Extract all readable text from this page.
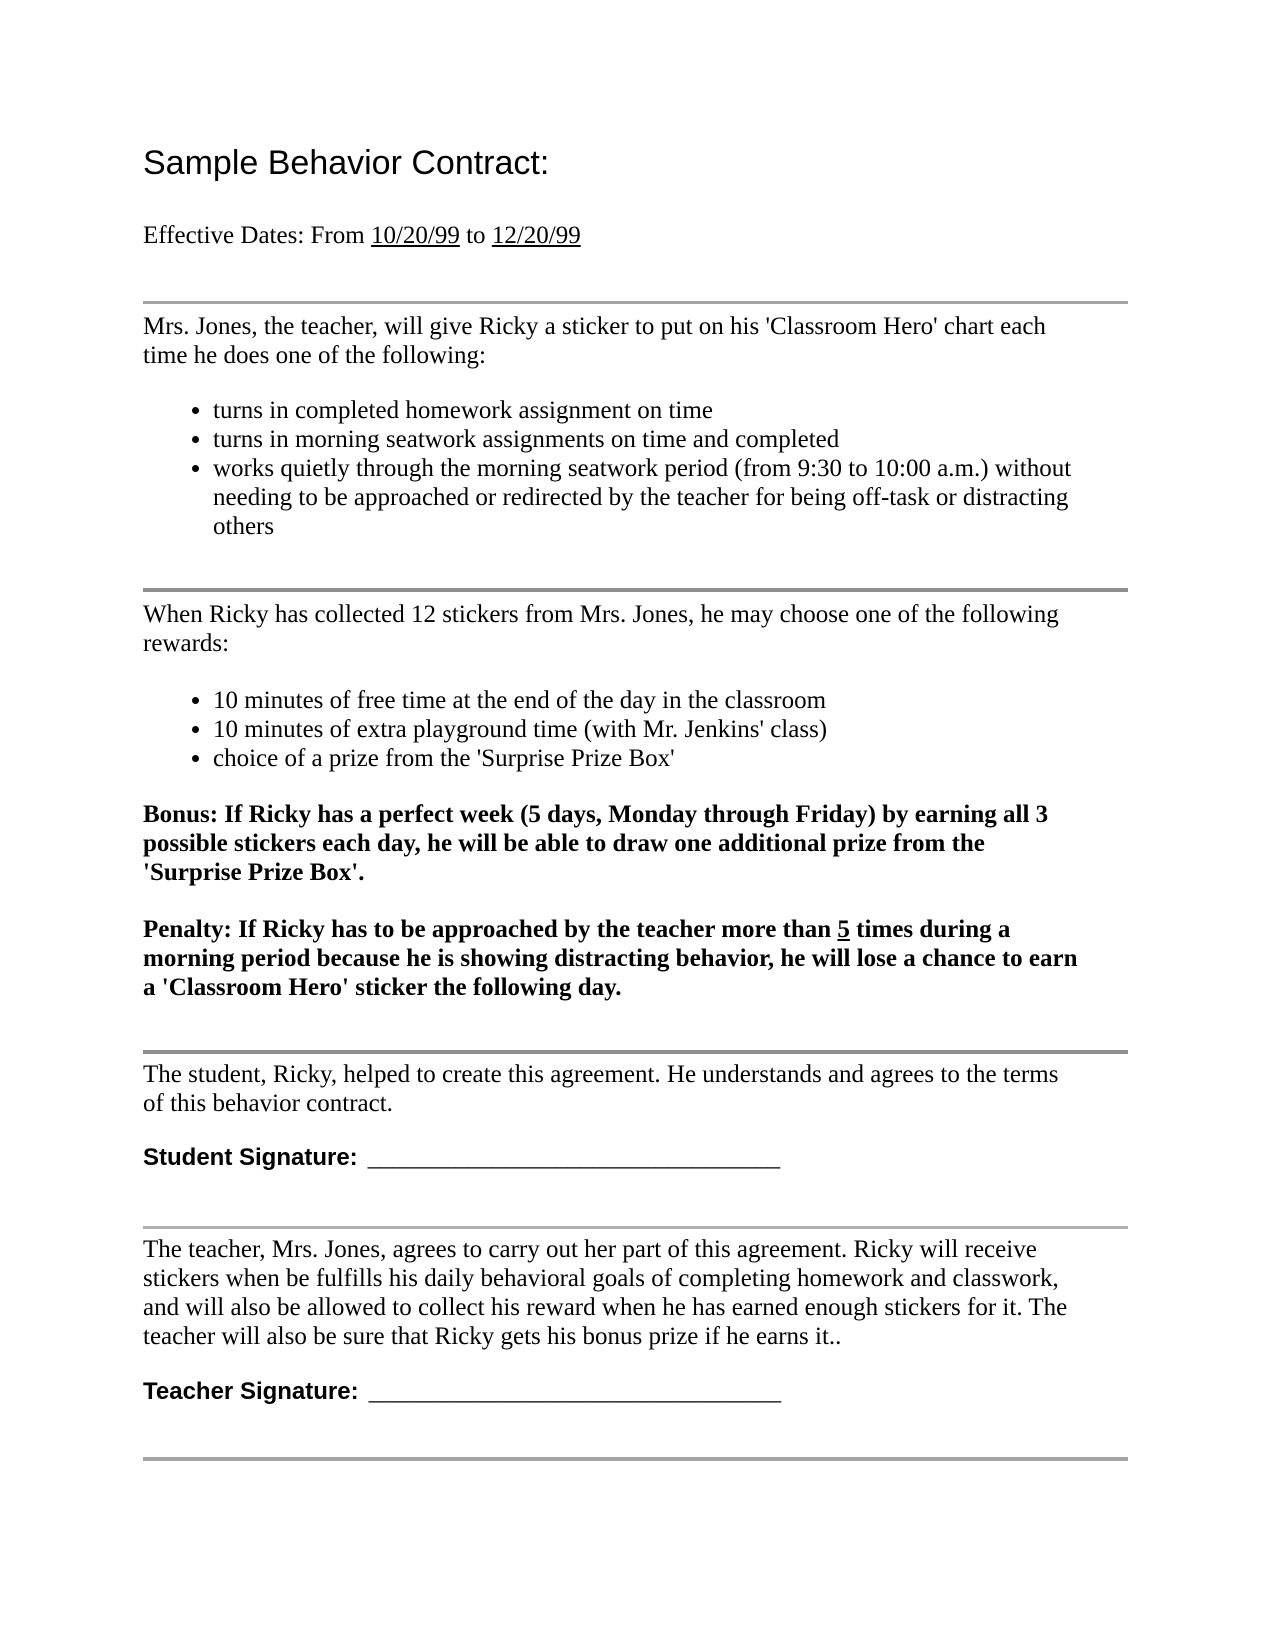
Sample Behavior Contract:

Effective Dates: From 10/20/99 to 12/20/99

Mrs. Jones, the teacher, will give Ricky a sticker to put on his 'Classroom Hero' chart each time he does one of the following:

• turns in completed homework assignment on time
• turns in morning seatwork assignments on time and completed
• works quietly through the morning seatwork period (from 9:30 to 10:00 a.m.) without needing to be approached or redirected by the teacher for being off-task or distracting others

When Ricky has collected 12 stickers from Mrs. Jones, he may choose one of the following rewards:

• 10 minutes of free time at the end of the day in the classroom
• 10 minutes of extra playground time (with Mr. Jenkins' class)
• choice of a prize from the 'Surprise Prize Box'

Bonus: If Ricky has a perfect week (5 days, Monday through Friday) by earning all 3 possible stickers each day, he will be able to draw one additional prize from the 'Surprise Prize Box'.

Penalty: If Ricky has to be approached by the teacher more than 5 times during a morning period because he is showing distracting behavior, he will lose a chance to earn a 'Classroom Hero' sticker the following day.

The student, Ricky, helped to create this agreement. He understands and agrees to the terms of this behavior contract.

Student Signature: _________________________________

The teacher, Mrs. Jones, agrees to carry out her part of this agreement. Ricky will receive stickers when be fulfills his daily behavioral goals of completing homework and classwork, and will also be allowed to collect his reward when he has earned enough stickers for it. The teacher will also be sure that Ricky gets his bonus prize if he earns it..

Teacher Signature: _________________________________
